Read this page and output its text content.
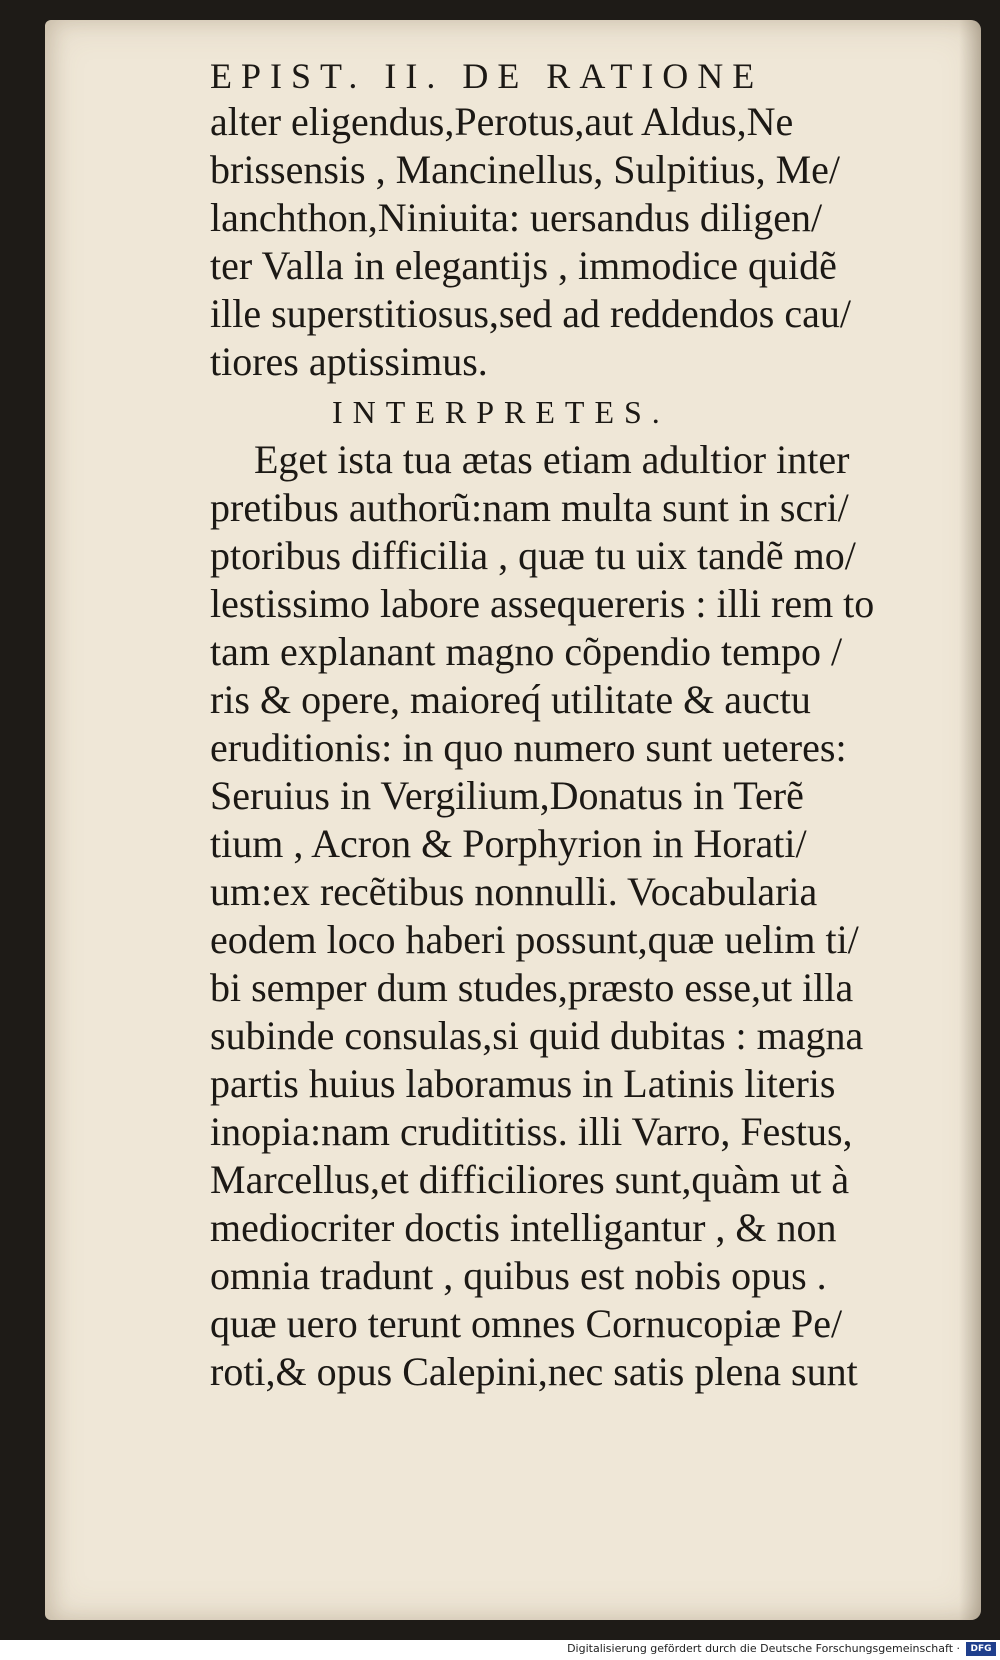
EPIST. II. DE RATIONE
alter eligendus,Perotus,aut Aldus,Ne
brissensis , Mancinellus, Sulpitius, Me/
lanchthon,Niniuita: uersandus diligen/
ter Valla in elegantijs , immodice quidẽ
ille superstitiosus,sed ad reddendos cau/
tiores aptissimus.
INTERPRETES.
Eget ista tua ætas etiam adultior inter
pretibus authorũ:nam multa sunt in scri/
ptoribus difficilia , quæ tu uix tandẽ mo/
lestissimo labore assequereris : illi rem to
tam explanant magno cõpendio tempo /
ris & opere, maioreq́ utilitate & auctu
eruditionis: in quo numero sunt ueteres:
Seruius in Vergilium,Donatus in Terẽ
tium , Acron & Porphyrion in Horati/
um:ex recẽtibus nonnulli. Vocabularia
eodem loco haberi possunt,quæ uelim ti/
bi semper dum studes,præsto esse,ut illa
subinde consulas,si quid dubitas : magna
partis huius laboramus in Latinis literis
inopia:nam crudititiss. illi Varro, Festus,
Marcellus,et difficiliores sunt,quàm ut à
mediocriter doctis intelligantur , & non
omnia tradunt , quibus est nobis opus .
quæ uero terunt omnes Cornucopiæ Pe/
roti,& opus Calepini,nec satis plena sunt
Digitalisierung gefördert durch die Deutsche Forschungsgemeinschaft ·	DFG
